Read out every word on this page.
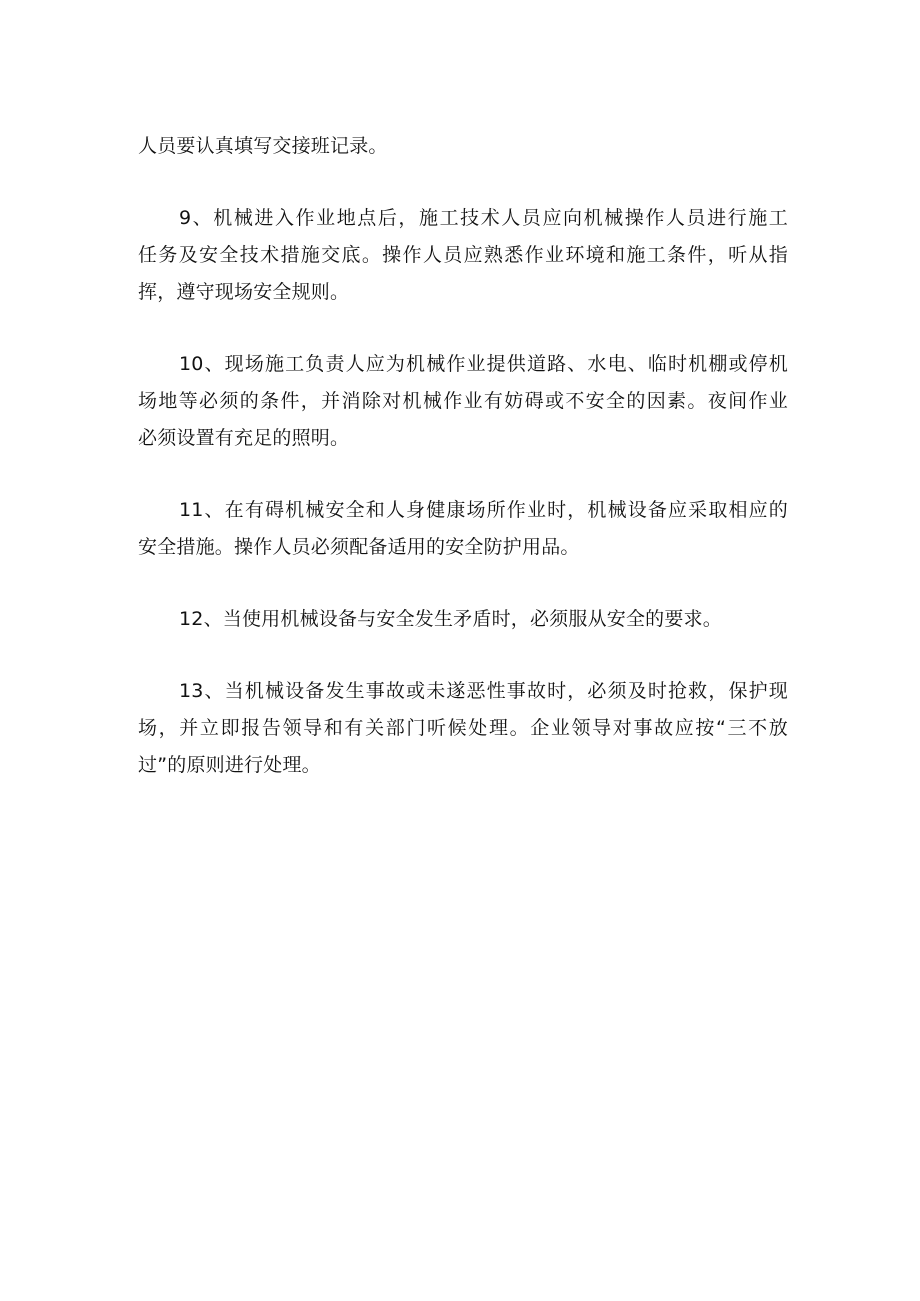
人员要认真填写交接班记录。
9、机械进入作业地点后，施工技术人员应向机械操作人员进行施工
任务及安全技术措施交底。操作人员应熟悉作业环境和施工条件，听从指
挥，遵守现场安全规则。
10、现场施工负责人应为机械作业提供道路、水电、临时机棚或停机
场地等必须的条件，并消除对机械作业有妨碍或不安全的因素。夜间作业
必须设置有充足的照明。
11、在有碍机械安全和人身健康场所作业时，机械设备应采取相应的
安全措施。操作人员必须配备适用的安全防护用品。
12、当使用机械设备与安全发生矛盾时，必须服从安全的要求。
13、当机械设备发生事故或未遂恶性事故时，必须及时抢救，保护现
场，并立即报告领导和有关部门听候处理。企业领导对事故应按“三不放
过”的原则进行处理。
